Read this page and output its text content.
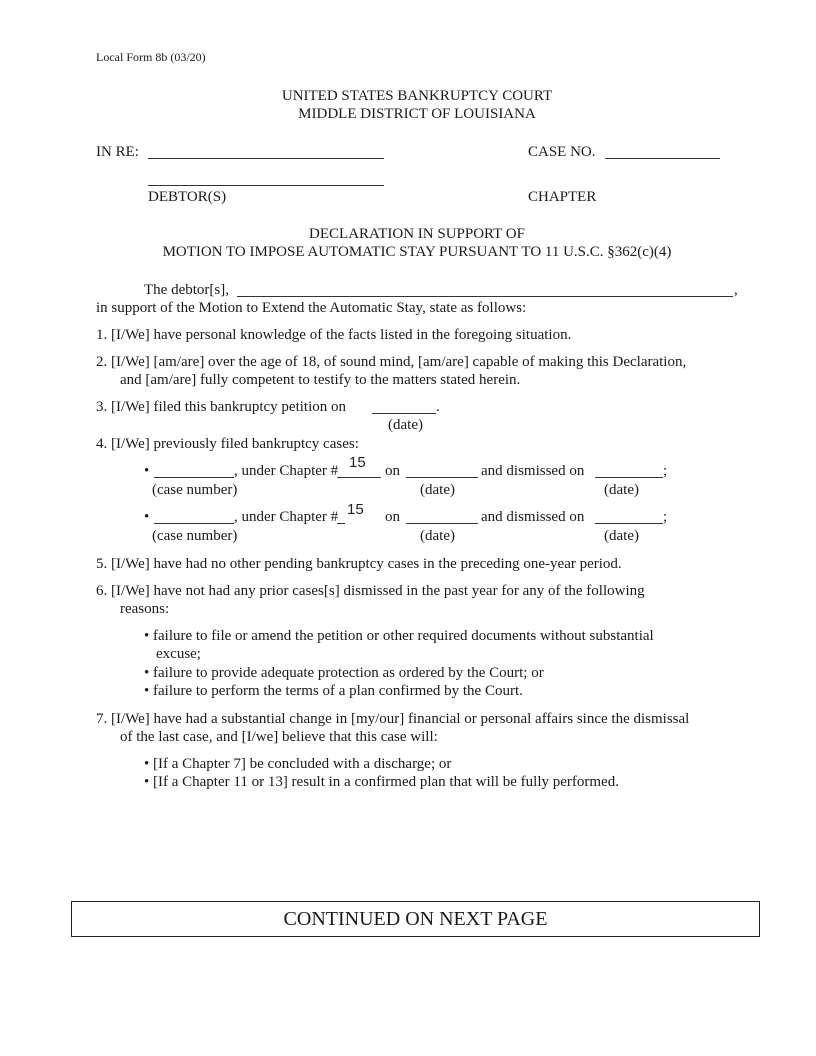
Local Form 8b (03/20)
UNITED STATES BANKRUPTCY COURT
MIDDLE DISTRICT OF LOUISIANA
IN RE:	CASE NO.
DEBTOR(S)	CHAPTER
DECLARATION IN SUPPORT OF
MOTION TO IMPOSE AUTOMATIC STAY PURSUANT TO 11 U.S.C. §362(c)(4)
The debtor[s],	,
in support of the Motion to Extend the Automatic Stay, state as follows:
1. [I/We] have personal knowledge of the facts listed in the foregoing situation.
2. [I/We] [am/are] over the age of 18, of sound mind, [am/are] capable of making this Declaration,
and [am/are] fully competent to testify to the matters stated herein.
3. [I/We] filed this bankruptcy petition on	.
(date)
4. [I/We] previously filed bankruptcy cases:
•	, under Chapter # 15 on	and dismissed on	;
(case number)	(date)	(date)
•	, under Chapter # 15 on	and dismissed on	;
(case number)	(date)	(date)
5. [I/We] have had no other pending bankruptcy cases in the preceding one-year period.
6. [I/We] have not had any prior cases[s] dismissed in the past year for any of the following
reasons:
• failure to file or amend the petition or other required documents without substantial
excuse;
• failure to provide adequate protection as ordered by the Court; or
• failure to perform the terms of a plan confirmed by the Court.
7. [I/We] have had a substantial change in [my/our] financial or personal affairs since the dismissal
of the last case, and [I/we] believe that this case will:
• [If a Chapter 7] be concluded with a discharge; or
• [If a Chapter 11 or 13] result in a confirmed plan that will be fully performed.
CONTINUED ON NEXT PAGE
